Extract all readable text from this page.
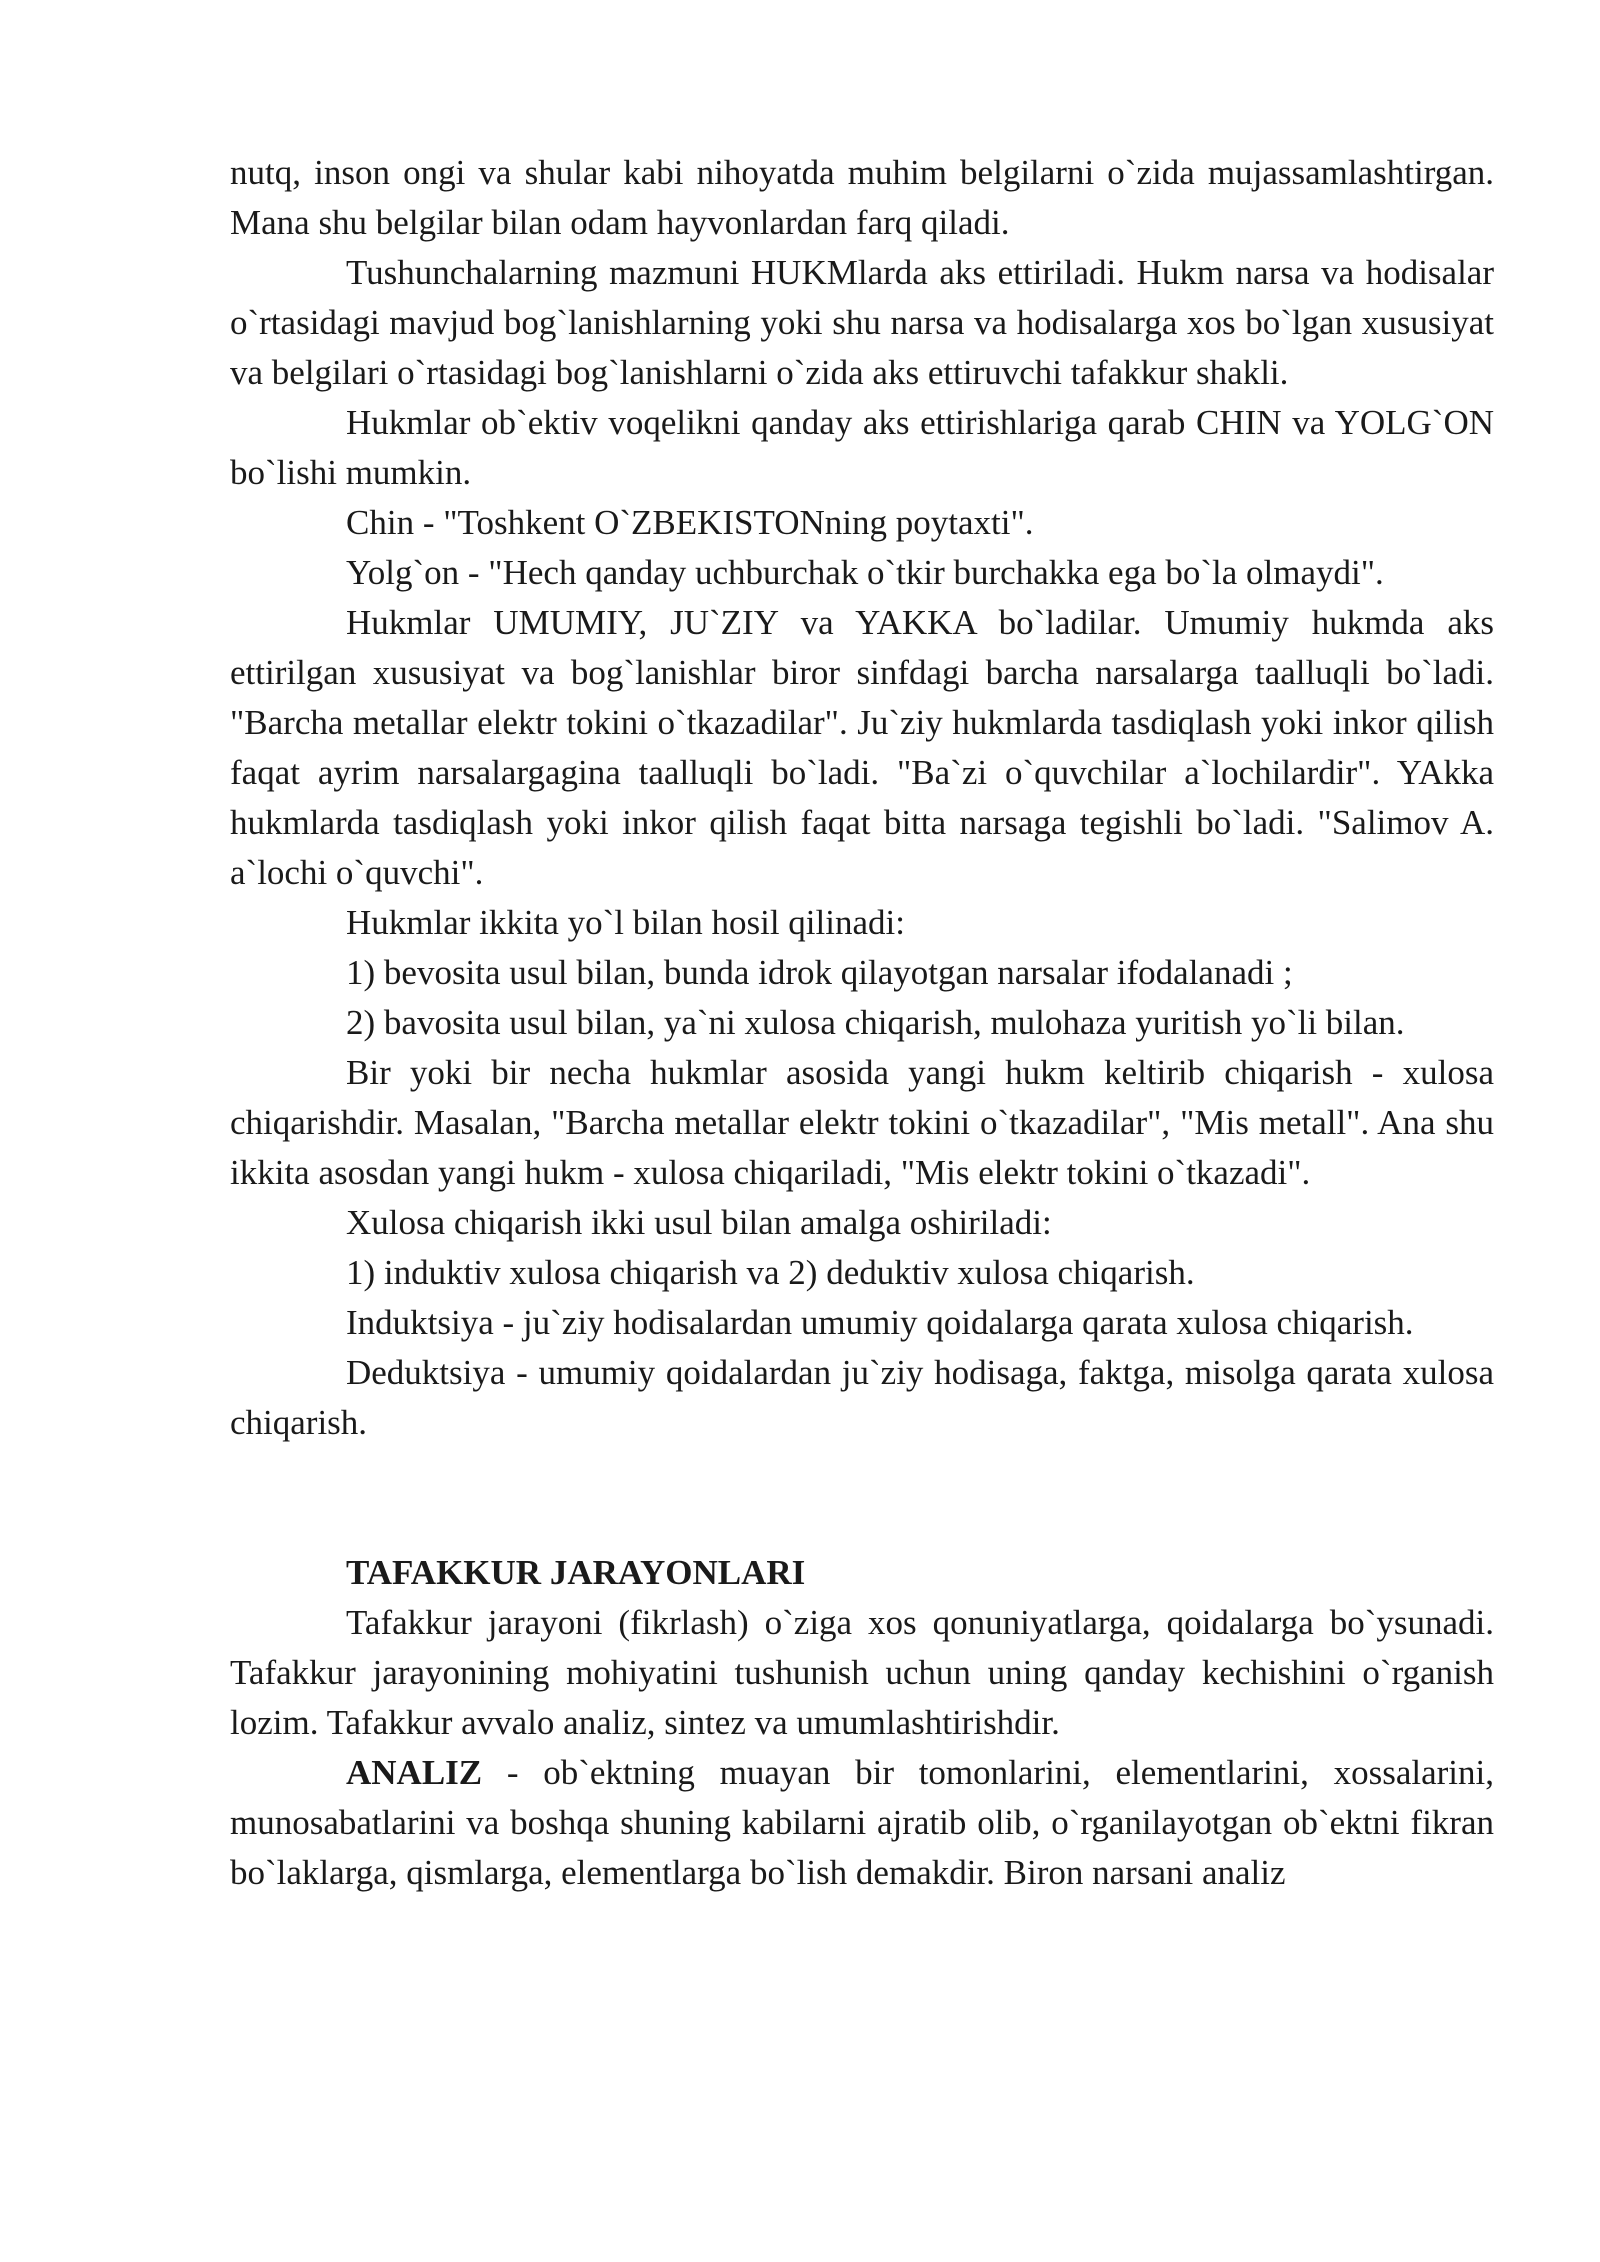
nutq, inson ongi va shular kabi nihoyatda muhim belgilarni o`zida mujassamlashtirgan. Mana shu belgilar bilan odam hayvonlardan farq qiladi.

Tushunchalarning mazmuni HUKMlarda aks ettiriladi. Hukm narsa va hodisalar o`rtasidagi mavjud bog`lanishlarning yoki shu narsa va hodisalarga xos bo`lgan xususiyat va belgilari o`rtasidagi bog`lanishlarni o`zida aks ettiruvchi tafakkur shakli.

Hukmlar ob`ektiv voqelikni qanday aks ettirishlariga qarab CHIN va YOLG`ON bo`lishi mumkin.

Chin - "Toshkent O`ZBEKISTONning poytaxti".

Yolg`on - "Hech qanday uchburchak o`tkir burchakka ega bo`la olmaydi".

Hukmlar UMUMIY, JU`ZIY va YAKKA bo`ladilar. Umumiy hukmda aks ettirilgan xususiyat va bog`lanishlar biror sinfdagi barcha narsalarga taalluqli bo`ladi. "Barcha metallar elektr tokini o`tkazadilar". Ju`ziy hukmlarda tasdiqlash yoki inkor qilish faqat ayrim narsalargagina taalluqli bo`ladi. "Ba`zi o`quvchilar a`lochilardir". YAkka hukmlarda tasdiqlash yoki inkor qilish faqat bitta narsaga tegishli bo`ladi. "Salimov A. a`lochi o`quvchi".

Hukmlar ikkita yo`l bilan hosil qilinadi:

1) bevosita usul bilan, bunda idrok qilayotgan narsalar ifodalanadi ;

2) bavosita usul bilan, ya`ni xulosa chiqarish, mulohaza yuritish yo`li bilan.

Bir yoki bir necha hukmlar asosida yangi hukm keltirib chiqarish - xulosa chiqarishdir. Masalan, "Barcha metallar elektr tokini o`tkazadilar", "Mis metall". Ana shu ikkita asosdan yangi hukm - xulosa chiqariladi, "Mis elektr tokini o`tkazadi".

Xulosa chiqarish ikki usul bilan amalga oshiriladi:

1) induktiv xulosa chiqarish va 2) deduktiv xulosa chiqarish.

Induktsiya - ju`ziy hodisalardan umumiy qoidalarga qarata xulosa chiqarish.

Deduktsiya - umumiy qoidalardan ju`ziy hodisaga, faktga, misolga qarata xulosa chiqarish.

TAFAKKUR JARAYONLARI

Tafakkur jarayoni (fikrlash) o`ziga xos qonuniyatlarga, qoidalarga bo`ysunadi. Tafakkur jarayonining mohiyatini tushunish uchun uning qanday kechishini o`rganish lozim. Tafakkur avvalo analiz, sintez va umumlashtirishdir.

ANALIZ - ob`ektning muayan bir tomonlarini, elementlarini, xossalarini, munosabatlarini va boshqa shuning kabilarni ajratib olib, o`rganilayotgan ob`ektni fikran bo`laklarga, qismlarga, elementlarga bo`lish demakdir. Biron narsani analiz
